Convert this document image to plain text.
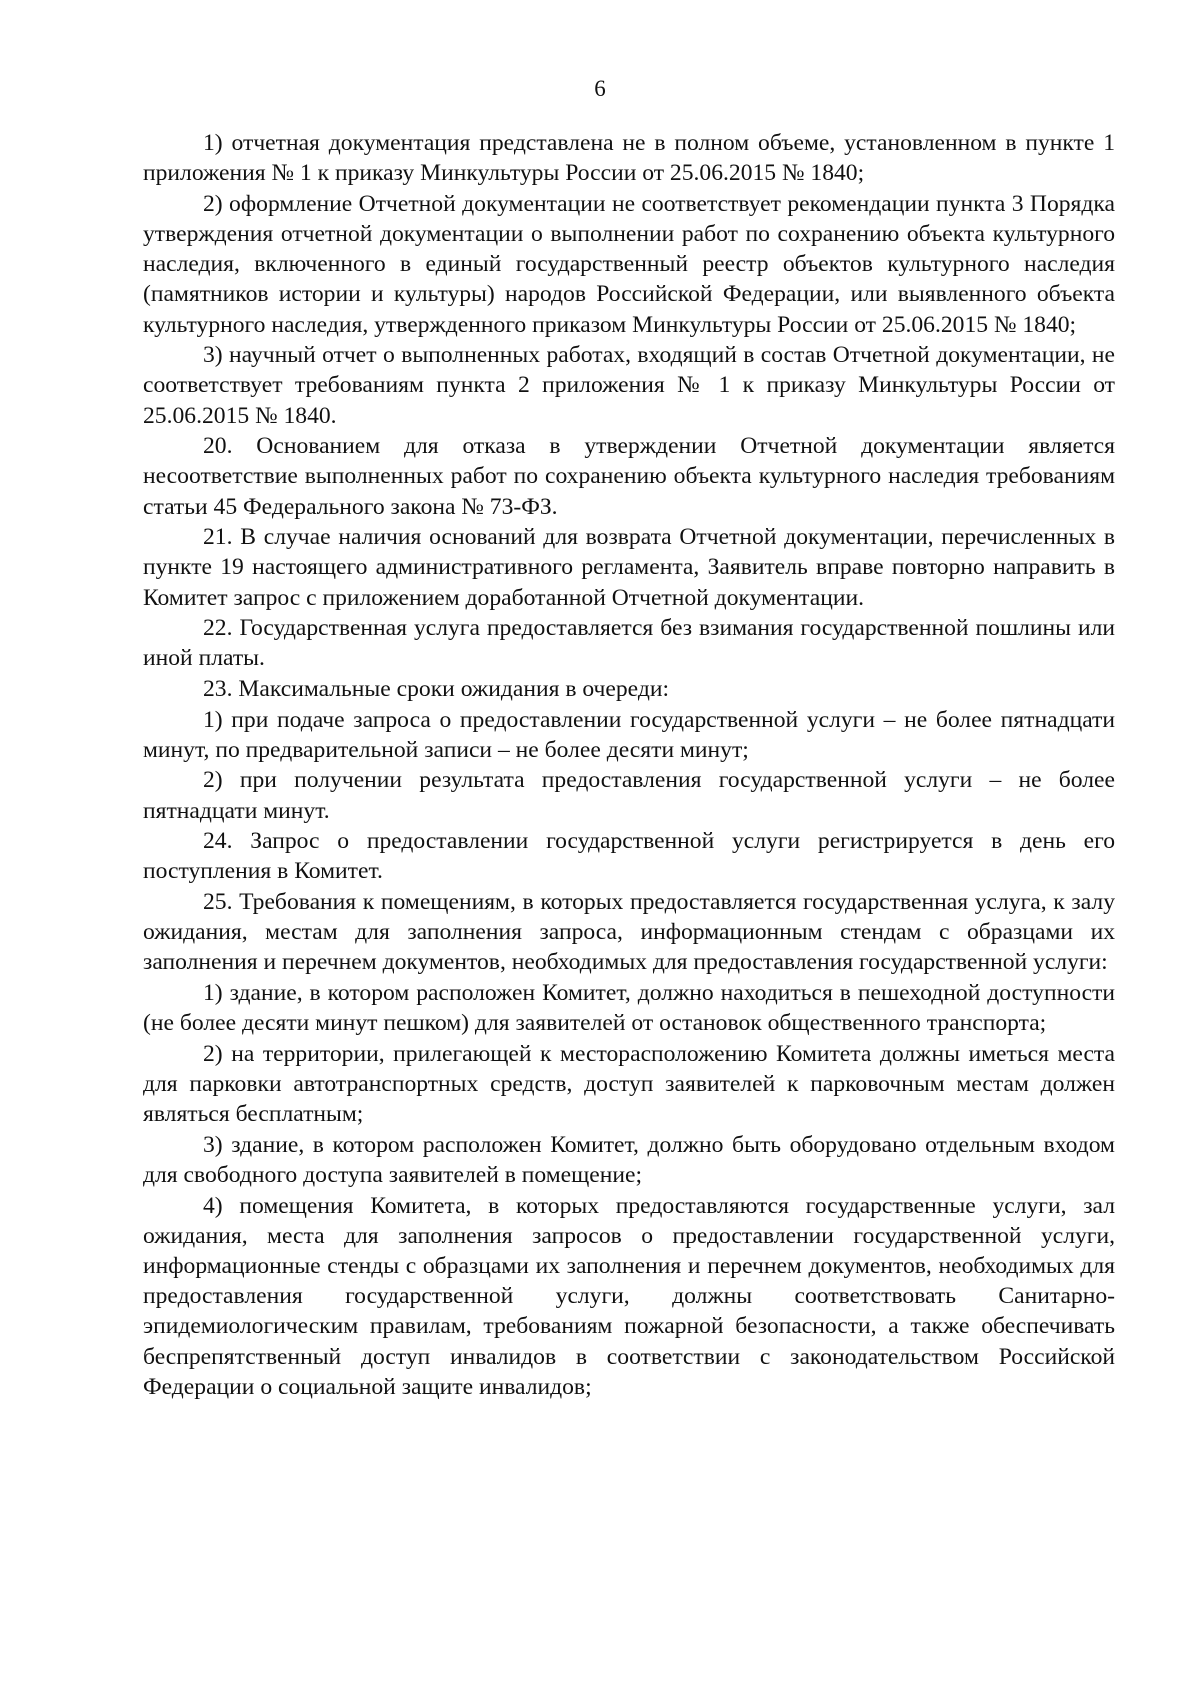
6

1) отчетная документация представлена не в полном объеме, установленном в пункте 1 приложения № 1 к приказу Минкультуры России от 25.06.2015 № 1840;

2) оформление Отчетной документации не соответствует рекомендации пункта 3 Порядка утверждения отчетной документации о выполнении работ по сохранению объекта культурного наследия, включенного в единый государственный реестр объектов культурного наследия (памятников истории и культуры) народов Российской Федерации, или выявленного объекта культурного наследия, утвержденного приказом Минкультуры России от 25.06.2015 № 1840;

3) научный отчет о выполненных работах, входящий в состав Отчетной документации, не соответствует требованиям пункта 2 приложения № 1 к приказу Минкультуры России от 25.06.2015 № 1840.

20. Основанием для отказа в утверждении Отчетной документации является несоответствие выполненных работ по сохранению объекта культурного наследия требованиям статьи 45 Федерального закона № 73-ФЗ.

21. В случае наличия оснований для возврата Отчетной документации, перечисленных в пункте 19 настоящего административного регламента, Заявитель вправе повторно направить в Комитет запрос с приложением доработанной Отчетной документации.

22. Государственная услуга предоставляется без взимания государственной пошлины или иной платы.

23. Максимальные сроки ожидания в очереди:

1) при подаче запроса о предоставлении государственной услуги – не более пятнадцати минут, по предварительной записи – не более десяти минут;

2) при получении результата предоставления государственной услуги – не более пятнадцати минут.

24. Запрос о предоставлении государственной услуги регистрируется в день его поступления в Комитет.

25. Требования к помещениям, в которых предоставляется государственная услуга, к залу ожидания, местам для заполнения запроса, информационным стендам с образцами их заполнения и перечнем документов, необходимых для предоставления государственной услуги:

1) здание, в котором расположен Комитет, должно находиться в пешеходной доступности (не более десяти минут пешком) для заявителей от остановок общественного транспорта;

2) на территории, прилегающей к месторасположению Комитета должны иметься места для парковки автотранспортных средств, доступ заявителей к парковочным местам должен являться бесплатным;

3) здание, в котором расположен Комитет, должно быть оборудовано отдельным входом для свободного доступа заявителей в помещение;

4) помещения Комитета, в которых предоставляются государственные услуги, зал ожидания, места для заполнения запросов о предоставлении государственной услуги, информационные стенды с образцами их заполнения и перечнем документов, необходимых для предоставления государственной услуги, должны соответствовать Санитарно-эпидемиологическим правилам, требованиям пожарной безопасности, а также обеспечивать беспрепятственный доступ инвалидов в соответствии с законодательством Российской Федерации о социальной защите инвалидов;
